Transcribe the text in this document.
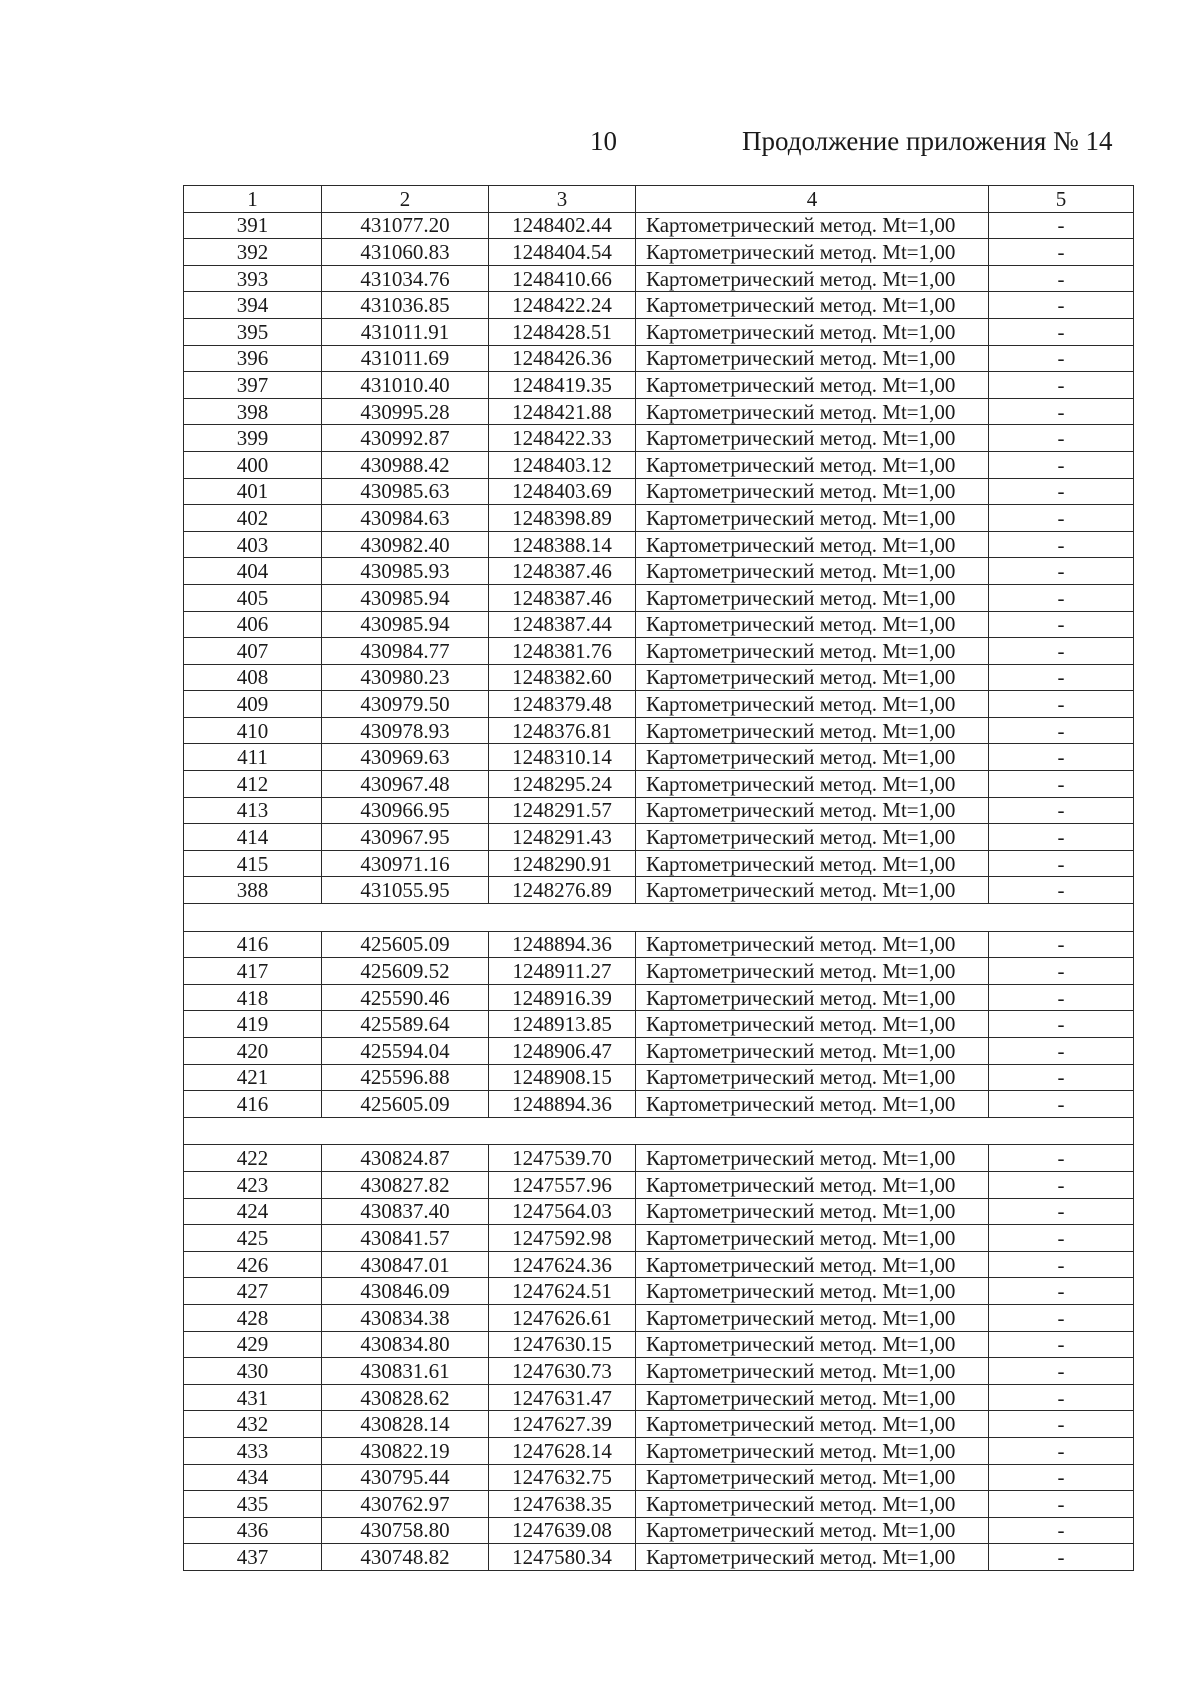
10	Продолжение приложения № 14
1	2	3	4	5
391	431077.20	1248402.44	Картометрический метод. Mt=1,00	-
392	431060.83	1248404.54	Картометрический метод. Mt=1,00	-
393	431034.76	1248410.66	Картометрический метод. Mt=1,00	-
394	431036.85	1248422.24	Картометрический метод. Mt=1,00	-
395	431011.91	1248428.51	Картометрический метод. Mt=1,00	-
396	431011.69	1248426.36	Картометрический метод. Mt=1,00	-
397	431010.40	1248419.35	Картометрический метод. Mt=1,00	-
398	430995.28	1248421.88	Картометрический метод. Mt=1,00	-
399	430992.87	1248422.33	Картометрический метод. Mt=1,00	-
400	430988.42	1248403.12	Картометрический метод. Mt=1,00	-
401	430985.63	1248403.69	Картометрический метод. Mt=1,00	-
402	430984.63	1248398.89	Картометрический метод. Mt=1,00	-
403	430982.40	1248388.14	Картометрический метод. Mt=1,00	-
404	430985.93	1248387.46	Картометрический метод. Mt=1,00	-
405	430985.94	1248387.46	Картометрический метод. Mt=1,00	-
406	430985.94	1248387.44	Картометрический метод. Mt=1,00	-
407	430984.77	1248381.76	Картометрический метод. Mt=1,00	-
408	430980.23	1248382.60	Картометрический метод. Mt=1,00	-
409	430979.50	1248379.48	Картометрический метод. Mt=1,00	-
410	430978.93	1248376.81	Картометрический метод. Mt=1,00	-
411	430969.63	1248310.14	Картометрический метод. Mt=1,00	-
412	430967.48	1248295.24	Картометрический метод. Mt=1,00	-
413	430966.95	1248291.57	Картометрический метод. Mt=1,00	-
414	430967.95	1248291.43	Картометрический метод. Mt=1,00	-
415	430971.16	1248290.91	Картометрический метод. Mt=1,00	-
388	431055.95	1248276.89	Картометрический метод. Mt=1,00	-

416	425605.09	1248894.36	Картометрический метод. Mt=1,00	-
417	425609.52	1248911.27	Картометрический метод. Mt=1,00	-
418	425590.46	1248916.39	Картометрический метод. Mt=1,00	-
419	425589.64	1248913.85	Картометрический метод. Mt=1,00	-
420	425594.04	1248906.47	Картометрический метод. Mt=1,00	-
421	425596.88	1248908.15	Картометрический метод. Mt=1,00	-
416	425605.09	1248894.36	Картометрический метод. Mt=1,00	-

422	430824.87	1247539.70	Картометрический метод. Mt=1,00	-
423	430827.82	1247557.96	Картометрический метод. Mt=1,00	-
424	430837.40	1247564.03	Картометрический метод. Mt=1,00	-
425	430841.57	1247592.98	Картометрический метод. Mt=1,00	-
426	430847.01	1247624.36	Картометрический метод. Mt=1,00	-
427	430846.09	1247624.51	Картометрический метод. Mt=1,00	-
428	430834.38	1247626.61	Картометрический метод. Mt=1,00	-
429	430834.80	1247630.15	Картометрический метод. Mt=1,00	-
430	430831.61	1247630.73	Картометрический метод. Mt=1,00	-
431	430828.62	1247631.47	Картометрический метод. Mt=1,00	-
432	430828.14	1247627.39	Картометрический метод. Mt=1,00	-
433	430822.19	1247628.14	Картометрический метод. Mt=1,00	-
434	430795.44	1247632.75	Картометрический метод. Mt=1,00	-
435	430762.97	1247638.35	Картометрический метод. Mt=1,00	-
436	430758.80	1247639.08	Картометрический метод. Mt=1,00	-
437	430748.82	1247580.34	Картометрический метод. Mt=1,00	-
